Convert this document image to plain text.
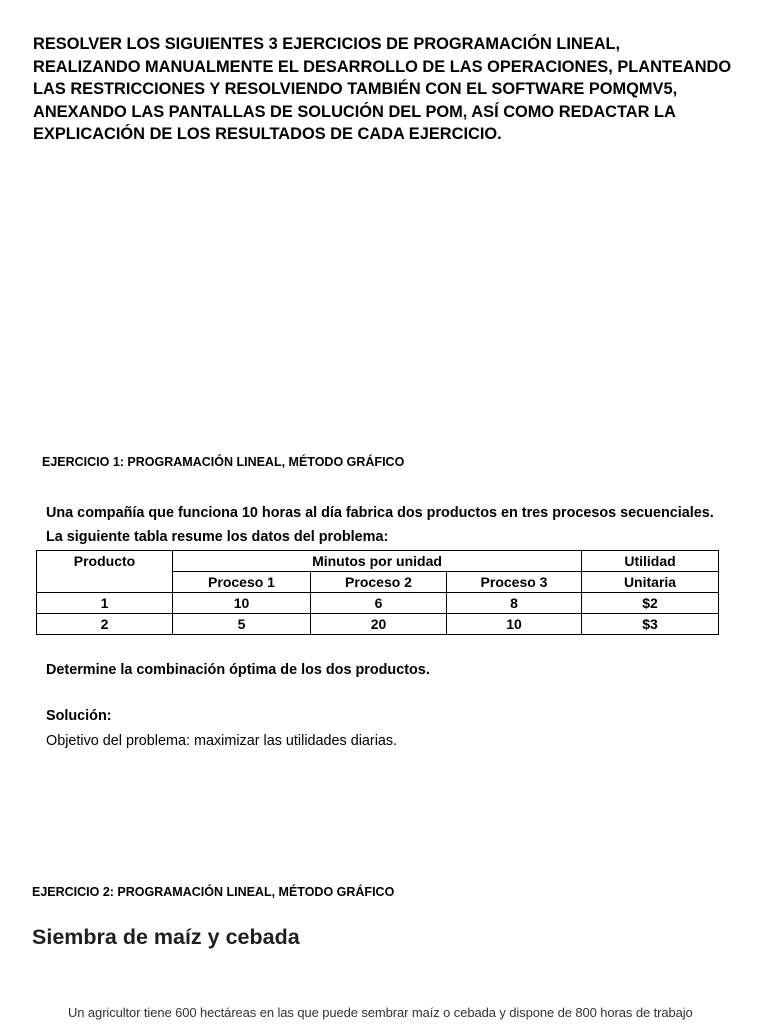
RESOLVER LOS SIGUIENTES 3 EJERCICIOS DE PROGRAMACIÓN LINEAL,
REALIZANDO MANUALMENTE EL DESARROLLO DE LAS OPERACIONES, PLANTEANDO
LAS RESTRICCIONES Y RESOLVIENDO TAMBIÉN CON EL SOFTWARE POMQMV5,
ANEXANDO LAS PANTALLAS DE SOLUCIÓN DEL POM, ASÍ COMO REDACTAR LA
EXPLICACIÓN DE LOS RESULTADOS DE CADA EJERCICIO.
EJERCICIO 1: PROGRAMACIÓN LINEAL, MÉTODO GRÁFICO
Una compañía que funciona 10 horas al día fabrica dos productos en tres procesos secuenciales.
La siguiente tabla resume los datos del problema:
Producto	Minutos por unidad			Utilidad
	Proceso 1	Proceso 2	Proceso 3	Unitaria
1	10	6	8	$2
2	5	20	10	$3
Determine la combinación óptima de los dos productos.
Solución:
Objetivo del problema: maximizar las utilidades diarias.
EJERCICIO 2: PROGRAMACIÓN LINEAL, MÉTODO GRÁFICO
Siembra de maíz y cebada
Un agricultor tiene 600 hectáreas en las que puede sembrar maíz o cebada y dispone de 800 horas de trabajo
